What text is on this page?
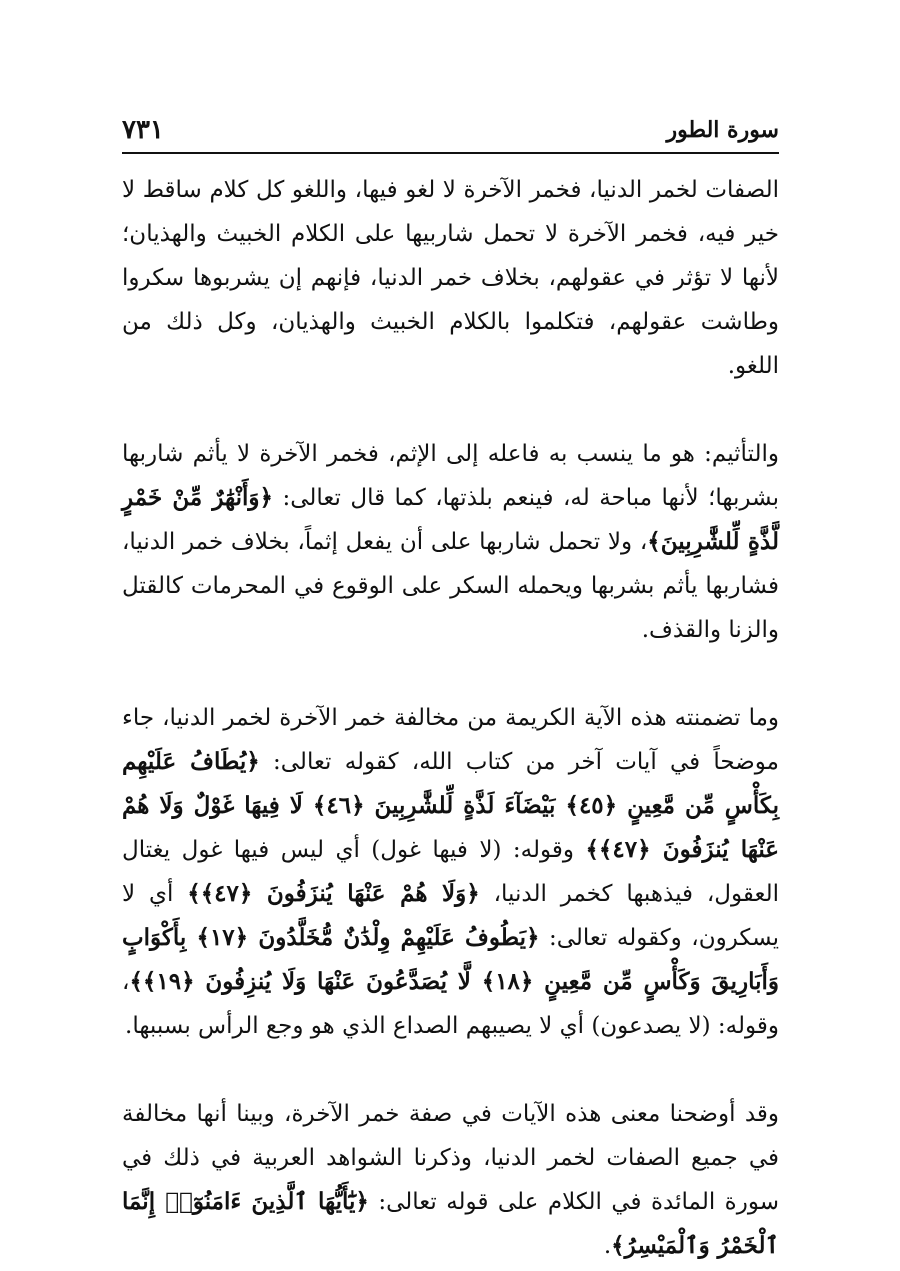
سورة الطور
٧٣١

الصفات لخمر الدنيا، فخمر الآخرة لا لغو فيها، واللغو كل كلام ساقط لا خير فيه، فخمر الآخرة لا تحمل شاربيها على الكلام الخبيث والهذيان؛ لأنها لا تؤثر في عقولهم، بخلاف خمر الدنيا، فإنهم إن يشربوها سكروا وطاشت عقولهم، فتكلموا بالكلام الخبيث والهذيان، وكل ذلك من اللغو.

والتأثيم: هو ما ينسب به فاعله إلى الإثم، فخمر الآخرة لا يأثم شاربها بشربها؛ لأنها مباحة له، فينعم بلذتها، كما قال تعالى: ﴿وَأَنْهَٰرٌ مِّنْ خَمْرٍ لَّذَّةٍ لِّلشَّٰرِبِينَ﴾، ولا تحمل شاربها على أن يفعل إثماً، بخلاف خمر الدنيا، فشاربها يأثم بشربها ويحمله السكر على الوقوع في المحرمات كالقتل والزنا والقذف.

وما تضمنته هذه الآية الكريمة من مخالفة خمر الآخرة لخمر الدنيا، جاء موضحاً في آيات آخر من كتاب الله، كقوله تعالى: ﴿يُطَافُ عَلَيْهِم بِكَأْسٍ مِّن مَّعِينٍ ﴿٤٥﴾ بَيْضَآءَ لَذَّةٍ لِّلشَّٰرِبِينَ ﴿٤٦﴾ لَا فِيهَا غَوْلٌ وَلَا هُمْ عَنْهَا يُنزَفُونَ ﴿٤٧﴾﴾ وقوله: (لا فيها غول) أي ليس فيها غول يغتال العقول، فيذهبها كخمر الدنيا، ﴿وَلَا هُمْ عَنْهَا يُنزَفُونَ ﴿٤٧﴾﴾ أي لا يسكرون، وكقوله تعالى: ﴿يَطُوفُ عَلَيْهِمْ وِلْدَٰنٌ مُّخَلَّدُونَ ﴿١٧﴾ بِأَكْوَابٍ وَأَبَارِيقَ وَكَأْسٍ مِّن مَّعِينٍ ﴿١٨﴾ لَّا يُصَدَّعُونَ عَنْهَا وَلَا يُنزِفُونَ ﴿١٩﴾﴾، وقوله: (لا يصدعون) أي لا يصيبهم الصداع الذي هو وجع الرأس بسببها.

وقد أوضحنا معنى هذه الآيات في صفة خمر الآخرة، وبينا أنها مخالفة في جميع الصفات لخمر الدنيا، وذكرنا الشواهد العربية في ذلك في سورة المائدة في الكلام على قوله تعالى: ﴿يَٰٓأَيُّهَا ٱلَّذِينَ ءَامَنُوٓا۟ إِنَّمَا ٱلْخَمْرُ وَٱلْمَيْسِرُ﴾.
